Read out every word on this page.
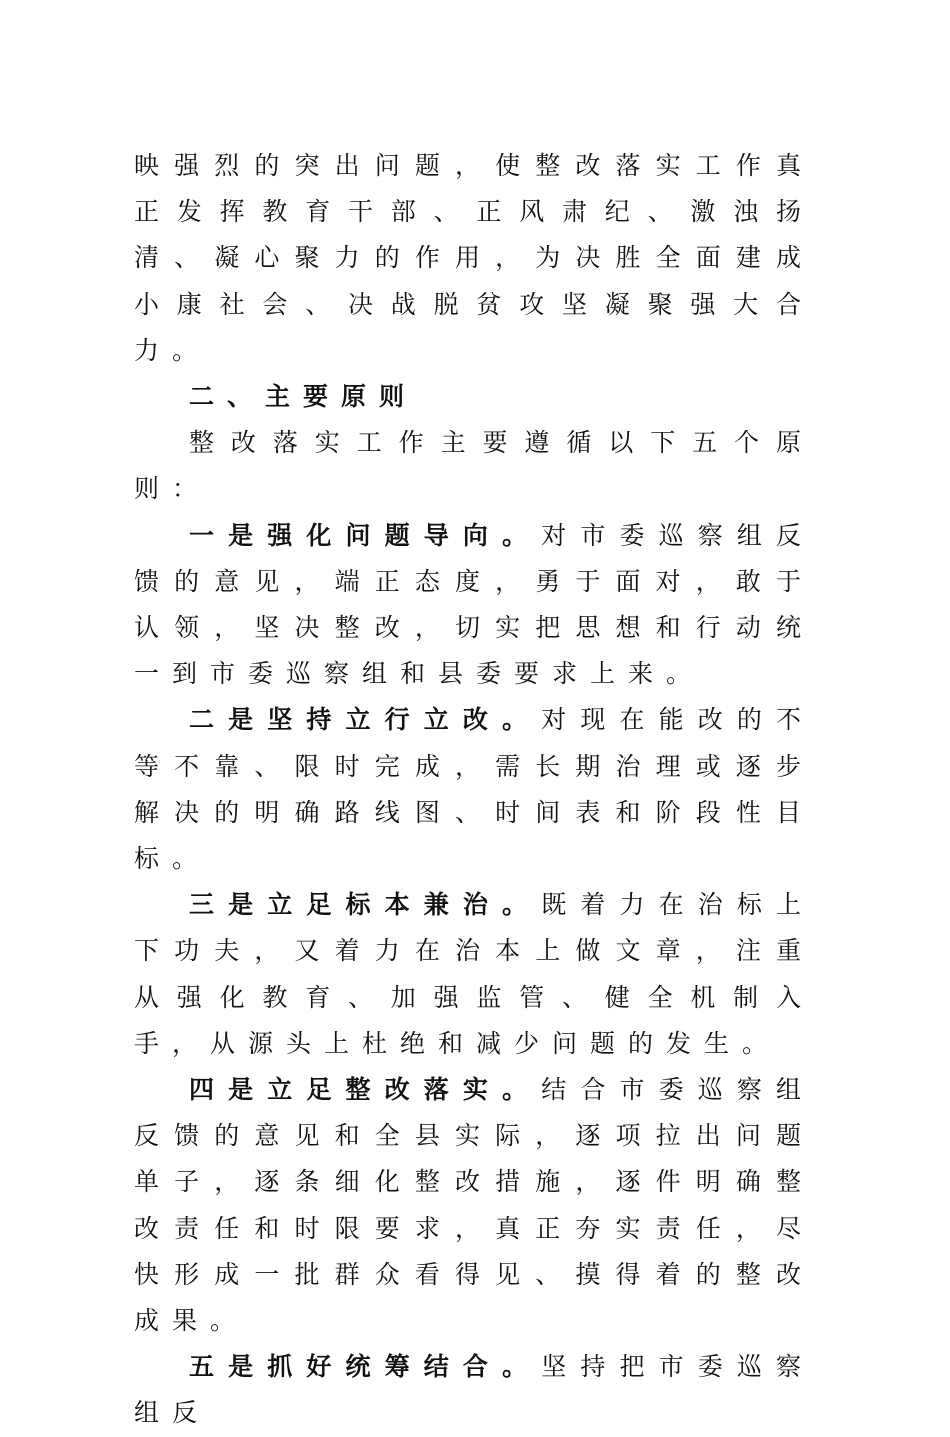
映强烈的突出问题，使整改落实工作真正发挥教育干部、正风肃纪、激浊扬清、凝心聚力的作用，为决胜全面建成小康社会、决战脱贫攻坚凝聚强大合力。

二、主要原则

整改落实工作主要遵循以下五个原则：

一是强化问题导向。对市委巡察组反馈的意见，端正态度，勇于面对，敢于认领，坚决整改，切实把思想和行动统一到市委巡察组和县委要求上来。

二是坚持立行立改。对现在能改的不等不靠、限时完成，需长期治理或逐步解决的明确路线图、时间表和阶段性目标。

三是立足标本兼治。既着力在治标上下功夫，又着力在治本上做文章，注重从强化教育、加强监管、健全机制入手，从源头上杜绝和减少问题的发生。

四是立足整改落实。结合市委巡察组反馈的意见和全县实际，逐项拉出问题单子，逐条细化整改措施，逐件明确整改责任和时限要求，真正夯实责任，尽快形成一批群众看得见、摸得着的整改成果。

五是抓好统筹结合。坚持把市委巡察组反
